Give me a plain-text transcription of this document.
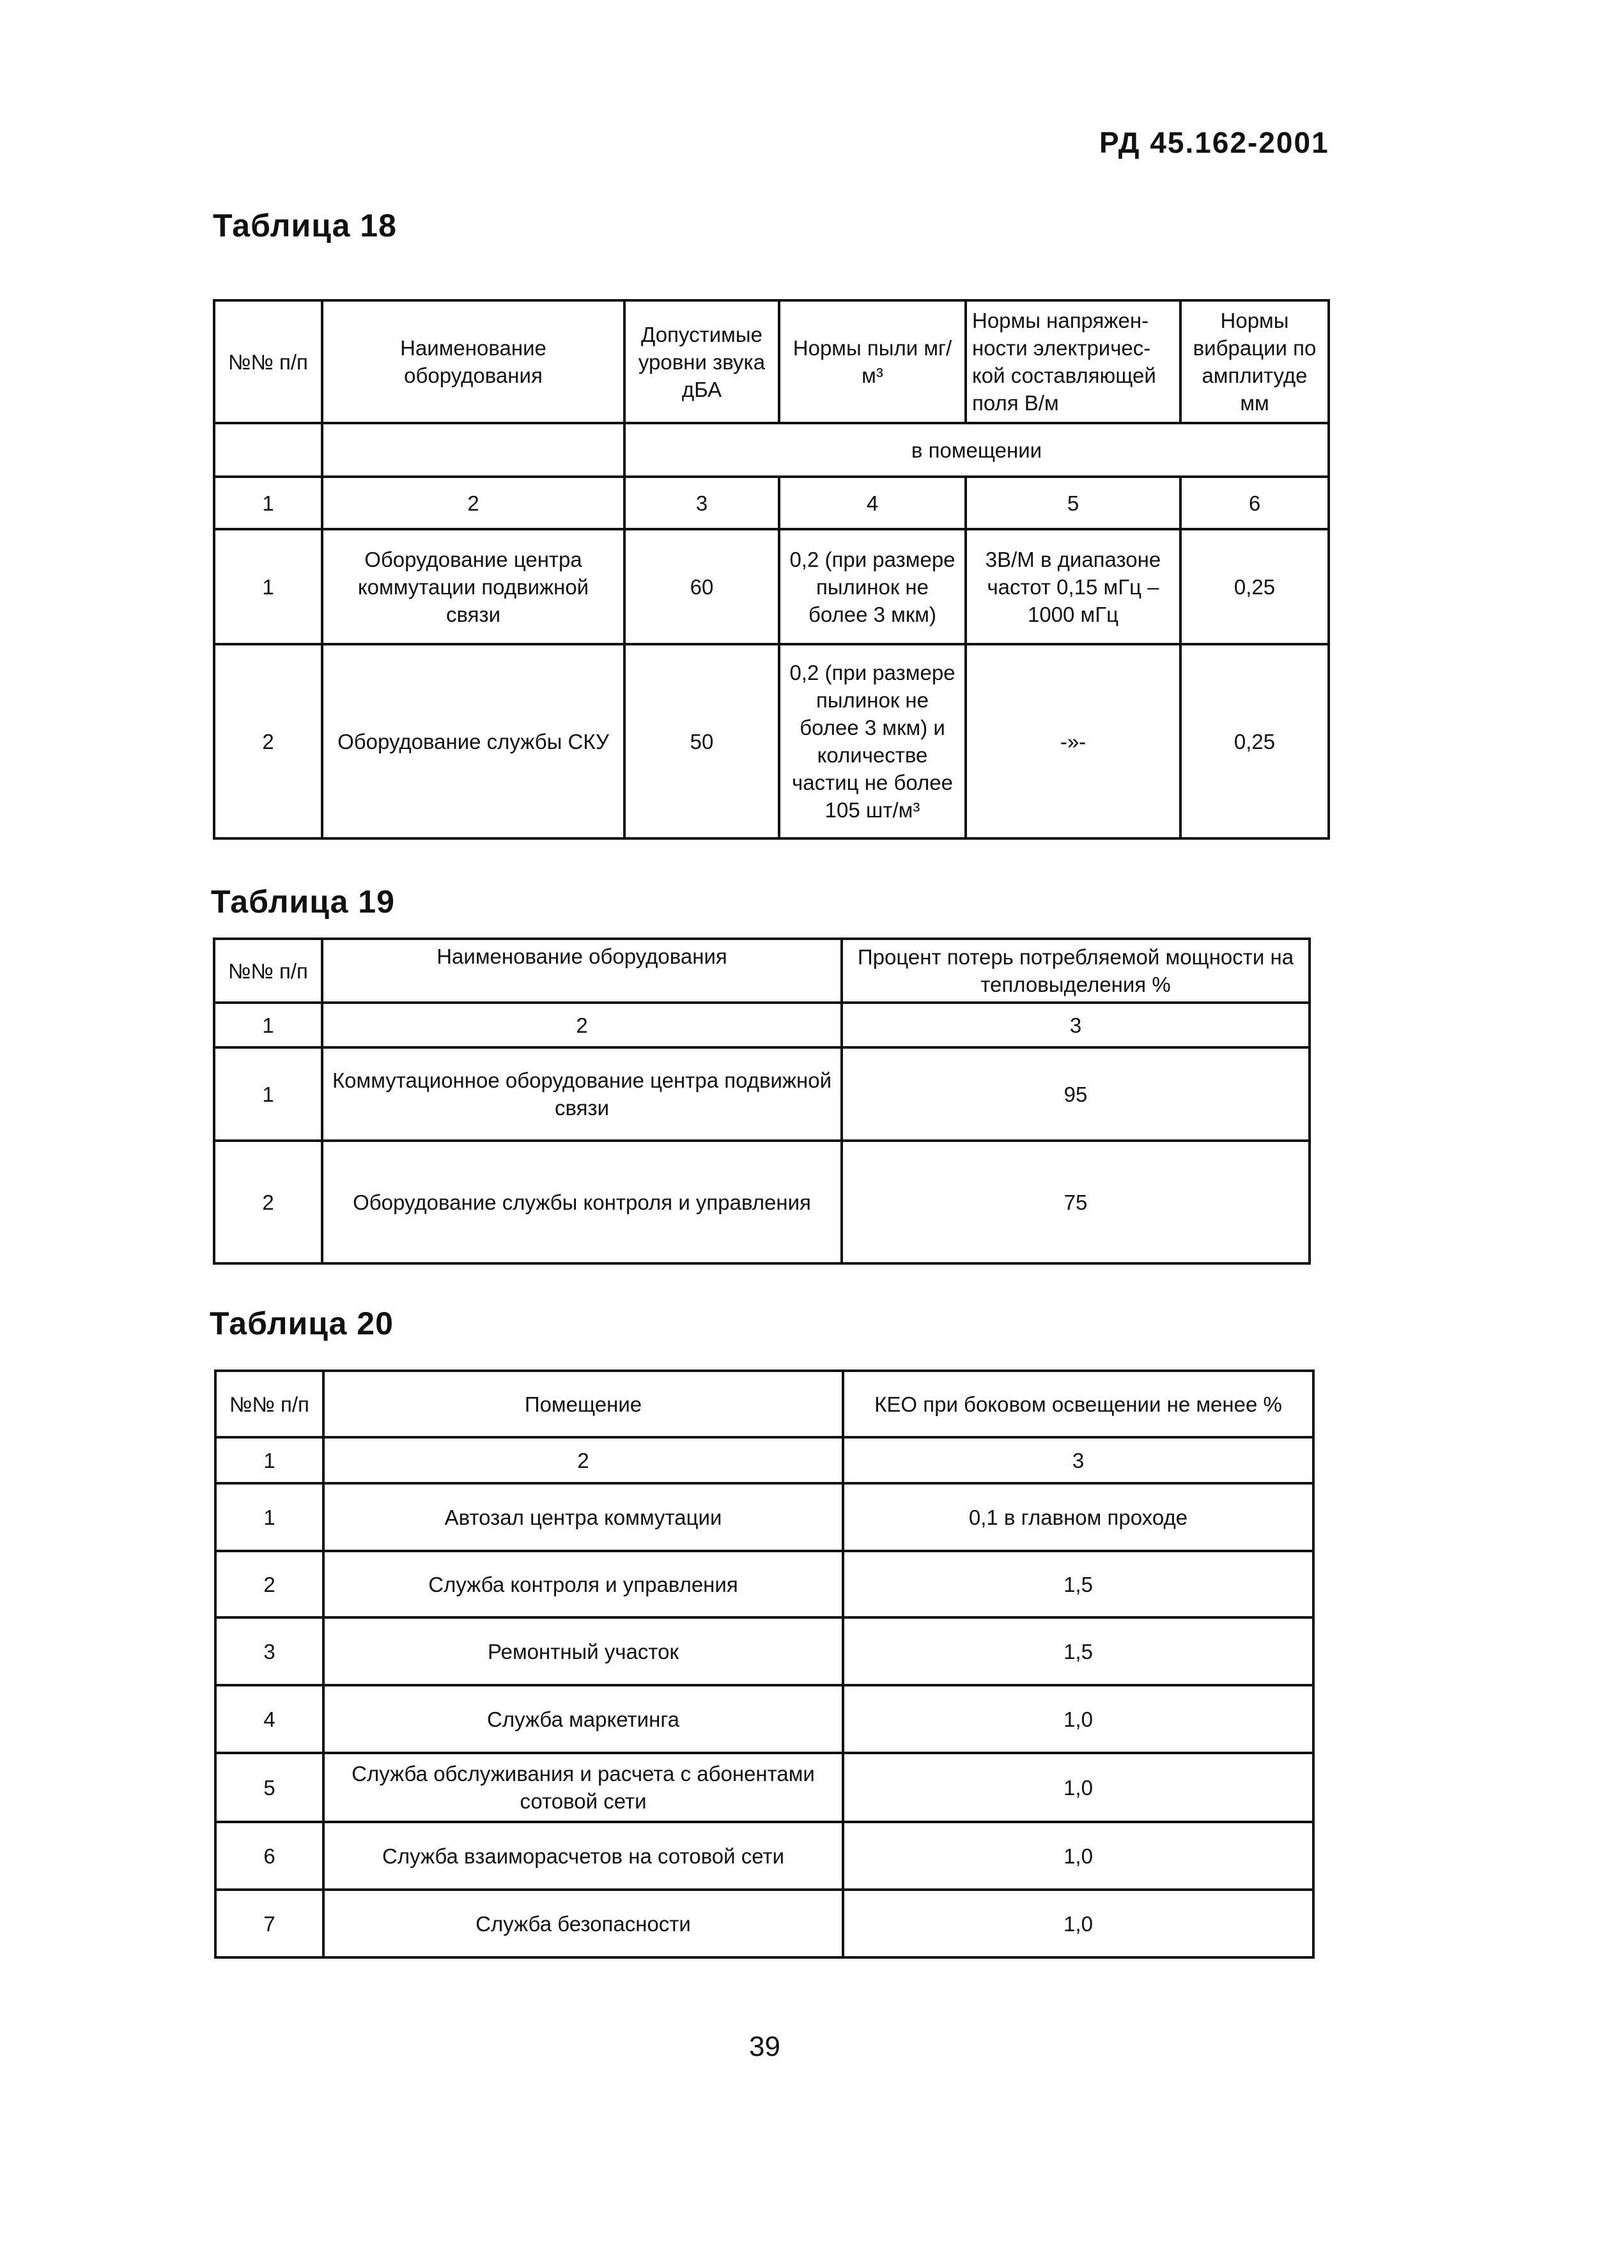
РД 45.162-2001
Таблица 18
№№ п/п	Наименование оборудования	Допустимые уровни звука дБА	Нормы пыли мг/м³	Нормы напряжен-ности электричес-кой составляющей поля В/м	Нормы вибрации по амплитуде мм
		в помещении			
1	2	3	4	5	6
1	Оборудование центра коммутации подвижной связи	60	0,2 (при размере пылинок не более 3 мкм)	3В/М в диапазоне частот 0,15 мГц – 1000 мГц	0,25
2	Оборудование службы СКУ	50	0,2 (при размере пылинок не более 3 мкм) и количестве частиц не более 105 шт/м³	-»-	0,25
Таблица 19
№№ п/п	Наименование оборудования	Процент потерь потребляемой мощности на тепловыделения %
1	2	3
1	Коммутационное оборудование центра подвижной связи	95
2	Оборудование службы контроля и управления	75
Таблица 20
№№ п/п	Помещение	КЕО при боковом освещении не менее %
1	2	3
1	Автозал центра коммутации	0,1 в главном проходе
2	Служба контроля и управления	1,5
3	Ремонтный участок	1,5
4	Служба маркетинга	1,0
5	Служба обслуживания и расчета с абонентами сотовой сети	1,0
6	Служба взаиморасчетов на сотовой сети	1,0
7	Служба безопасности	1,0
39
